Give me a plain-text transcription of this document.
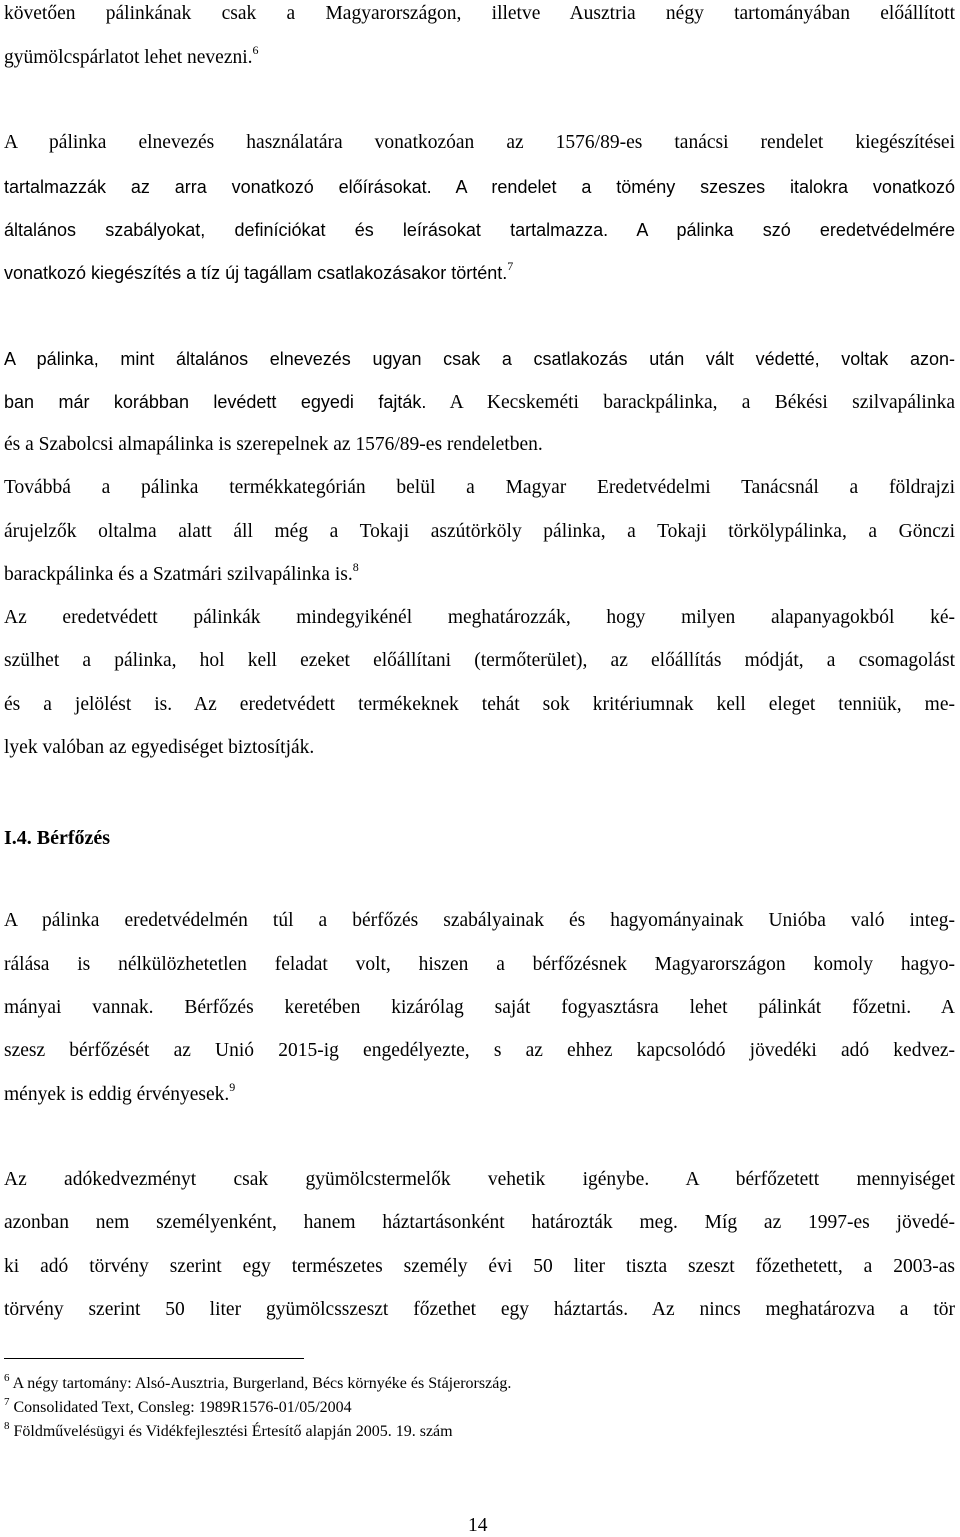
követően pálinkának csak a Magyarországon, illetve Ausztria négy tartományában előállított
gyümölcspárlatot lehet nevezni.$^6$
A pálinka elnevezés használatára vonatkozóan az 1576/89-es tanácsi rendelet kiegészítései
tartalmazzák az arra vonatkozó előírásokat. A rendelet a tömény szeszes italokra vonatkozó
általános szabályokat, definíciókat és leírásokat tartalmazza. A pálinka szó eredetvédelmére
vonatkozó kiegészítés a tíz új tagállam csatlakozásakor történt.$^7$
A pálinka, mint általános elnevezés ugyan csak a csatlakozás után vált védetté, voltak azon-
ban már korábban levédett egyedi fajták. A Kecskeméti barackpálinka, a Békési szilvapálinka
és a Szabolcsi almapálinka is szerepelnek az 1576/89-es rendeletben.
Továbbá a pálinka termékkategórián belül a Magyar Eredetvédelmi Tanácsnál a földrajzi
árujelzők oltalma alatt áll még a Tokaji aszútörköly pálinka, a Tokaji törkölypálinka, a Gönczi
barackpálinka és a Szatmári szilvapálinka is.$^8$
Az eredetvédett pálinkák mindegyikénél meghatározzák, hogy milyen alapanyagokból ké-
szülhet a pálinka, hol kell ezeket előállítani (termőterület), az előállítás módját, a csomagolást
és a jelölést is. Az eredetvédett termékeknek tehát sok kritériumnak kell eleget tenniük, me-
lyek valóban az egyediséget biztosítják.
I.4. Bérfőzés
A pálinka eredetvédelmén túl a bérfőzés szabályainak és hagyományainak Unióba való integ-
rálása is nélkülözhetetlen feladat volt, hiszen a bérfőzésnek Magyarországon komoly hagyo-
mányai vannak. Bérfőzés keretében kizárólag saját fogyasztásra lehet pálinkát főzetni. A
szesz bérfőzését az Unió 2015-ig engedélyezte, s az ehhez kapcsolódó jövedéki adó kedvez-
mények is eddig érvényesek.$^9$
Az adókedvezményt csak gyümölcstermelők vehetik igénybe. A bérfőzetett mennyiséget
azonban nem személyenként, hanem háztartásonként határozták meg. Míg az 1997-es jövedé-
ki adó törvény szerint egy természetes személy évi 50 liter tiszta szeszt főzethetett, a 2003-as
törvény szerint 50 liter gyümölcsszeszt főzethet egy háztartás. Az nincs meghatározva a tör
$^6$ A négy tartomány: Alsó-Ausztria, Burgerland, Bécs környéke és Stájerország.
$^7$ Consolidated Text, Consleg: 1989R1576-01/05/2004
$^8$ Földművelésügyi és Vidékfejlesztési Értesítő alapján 2005. 19. szám
14
